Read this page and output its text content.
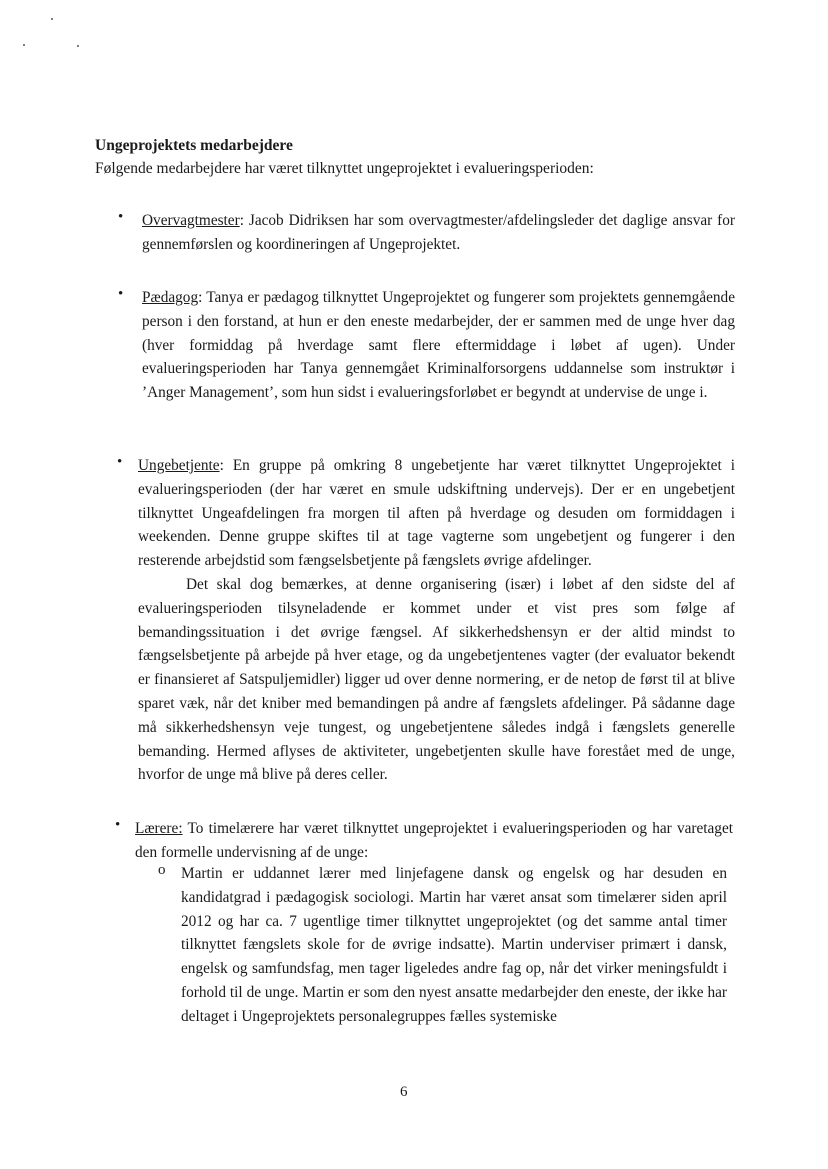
Ungeprojektets medarbejdere
Følgende medarbejdere har været tilknyttet ungeprojektet i evalueringsperioden:
• Overvagtmester: Jacob Didriksen har som overvagtmester/afdelingsleder det daglige ansvar for gennemførslen og koordineringen af Ungeprojektet.
• Pædagog: Tanya er pædagog tilknyttet Ungeprojektet og fungerer som projektets gennemgående person i den forstand, at hun er den eneste medarbejder, der er sammen med de unge hver dag (hver formiddag på hverdage samt flere eftermiddage i løbet af ugen). Under evalueringsperioden har Tanya gennemgået Kriminalforsorgens uddannelse som instruktør i ’Anger Management’, som hun sidst i evalueringsforløbet er begyndt at undervise de unge i.
• Ungebetjente: En gruppe på omkring 8 ungebetjente har været tilknyttet Ungeprojektet i evalueringsperioden (der har været en smule udskiftning undervejs). Der er en ungebetjent tilknyttet Ungeafdelingen fra morgen til aften på hverdage og desuden om formiddagen i weekenden. Denne gruppe skiftes til at tage vagterne som ungebetjent og fungerer i den resterende arbejdstid som fængselsbetjente på fængslets øvrige afdelinger.
Det skal dog bemærkes, at denne organisering (især) i løbet af den sidste del af evalueringsperioden tilsyneladende er kommet under et vist pres som følge af bemandingssituation i det øvrige fængsel. Af sikkerhedshensyn er der altid mindst to fængselsbetjente på arbejde på hver etage, og da ungebetjentenes vagter (der evaluator bekendt er finansieret af Satspuljemidler) ligger ud over denne normering, er de netop de først til at blive sparet væk, når det kniber med bemandingen på andre af fængslets afdelinger. På sådanne dage må sikkerhedshensyn veje tungest, og ungebetjentene således indgå i fængslets generelle bemanding. Hermed aflyses de aktiviteter, ungebetjenten skulle have forestået med de unge, hvorfor de unge må blive på deres celler.
• Lærere: To timelærere har været tilknyttet ungeprojektet i evalueringsperioden og har varetaget den formelle undervisning af de unge:
o Martin er uddannet lærer med linjefagene dansk og engelsk og har desuden en kandidatgrad i pædagogisk sociologi. Martin har været ansat som timelærer siden april 2012 og har ca. 7 ugentlige timer tilknyttet ungeprojektet (og det samme antal timer tilknyttet fængslets skole for de øvrige indsatte). Martin underviser primært i dansk, engelsk og samfundsfag, men tager ligeledes andre fag op, når det virker meningsfuldt i forhold til de unge. Martin er som den nyest ansatte medarbejder den eneste, der ikke har deltaget i Ungeprojektets personalegruppes fælles systemiske
6
